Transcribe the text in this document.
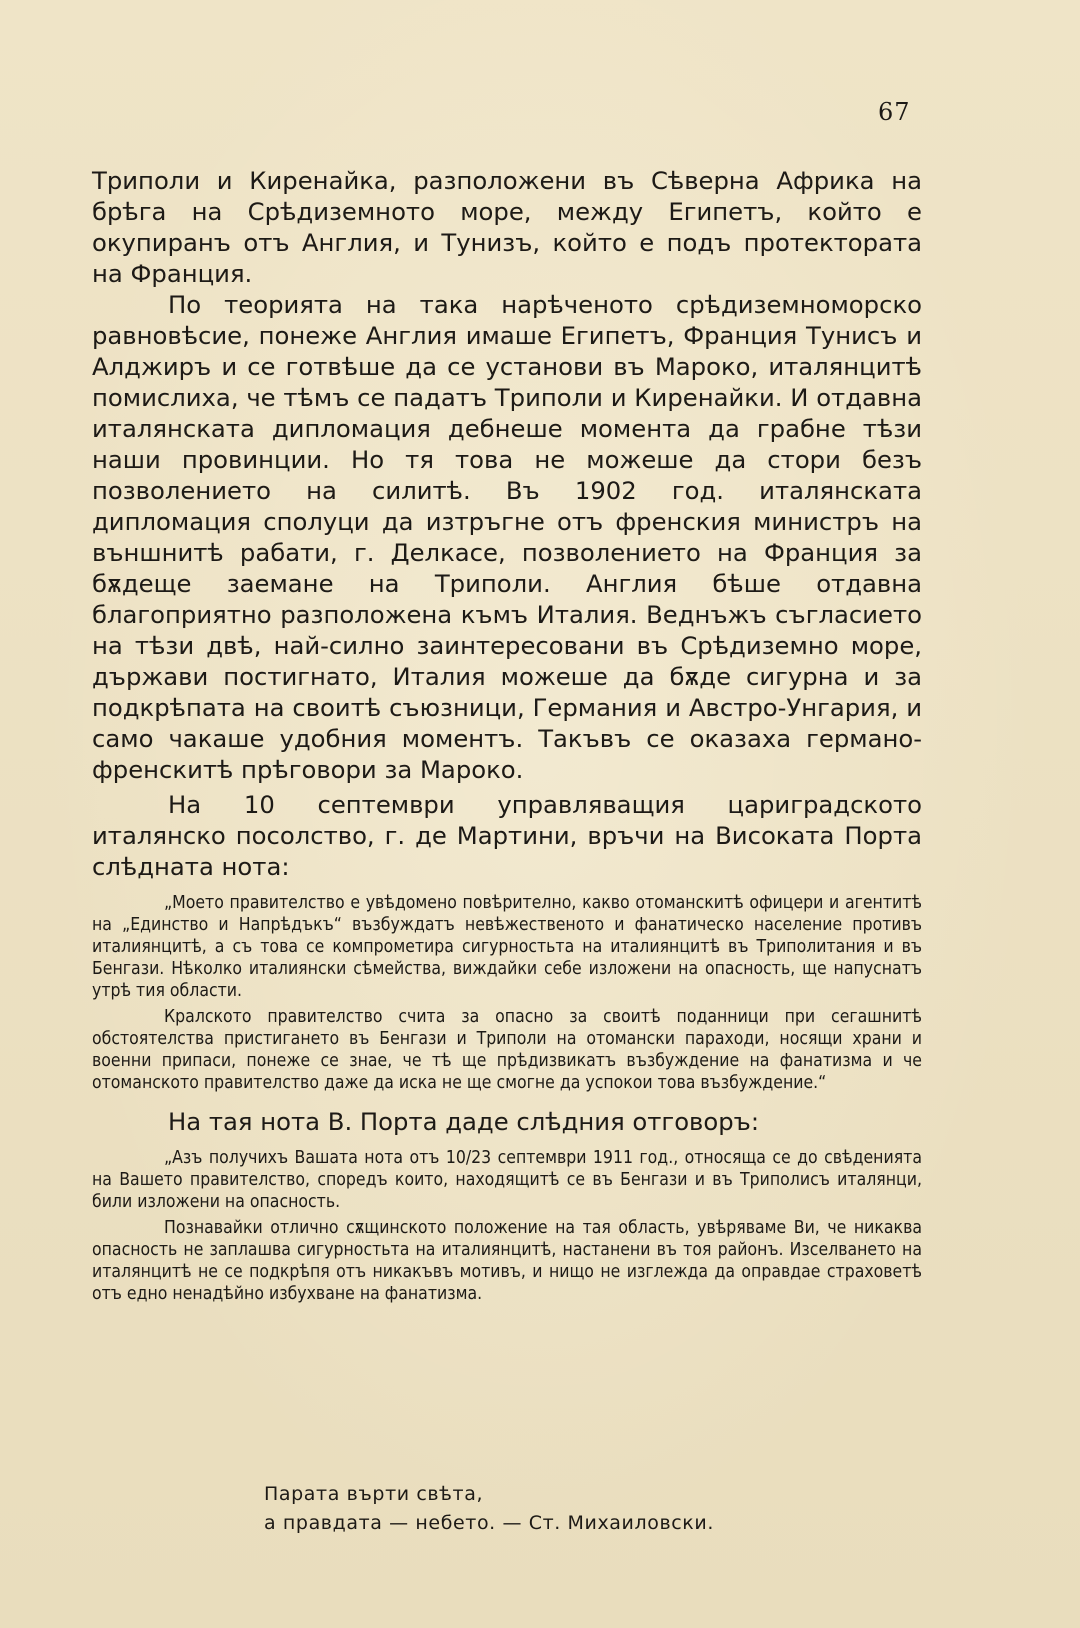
67

Триполи и Киренайка, разположени въ Сѣверна Африка на брѣга на Срѣдиземното море, между Египетъ, който е окупиранъ отъ Англия, и Тунизъ, който е подъ протектората на Франция.

По теорията на така нарѣченото срѣдиземноморско равновѣсие, понеже Англия имаше Египетъ, Франция Тунисъ и Алджиръ и се готвѣше да се установи въ Мароко, италянцитѣ помислиха, че тѣмъ се падатъ Триполи и Киренайки. И отдавна италянската дипломация дебнеше момента да грабне тѣзи наши провинции. Но тя това не можеше да стори безъ позволението на силитѣ. Въ 1902 год. италянската дипломация сполуци да изтръгне отъ френския министръ на външнитѣ рабати, г. Делкасе, позволението на Франция за бѫдеще заемане на Триполи. Англия бѣше отдавна благоприятно разположена къмъ Италия. Веднъжъ съгласието на тѣзи двѣ, най-силно заинтересовани въ Срѣдиземно море, държави постигнато, Италия можеше да бѫде сигурна и за подкрѣпата на своитѣ съюзници, Германия и Австро-Унгария, и само чакаше удобния моментъ. Такъвъ се оказаха германо-френскитѣ прѣговори за Мароко.

На 10 септември управляващия цариградското италянско посолство, г. де Мартини, връчи на Високата Порта слѣдната нота:

„Моето правителство е увѣдомено повѣрително, какво отоманскитѣ офицери и агентитѣ на „Единство и Напрѣдъкъ“ възбуждатъ невѣжественото и фанатическо население противъ италиянцитѣ, а съ това се компрометира сигурностьта на италиянцитѣ въ Триполитания и въ Бенгази. Нѣколко италиянски сѣмейства, виждайки себе изложени на опасность, ще напуснатъ утрѣ тия области.

Кралското правителство счита за опасно за своитѣ поданници при сегашнитѣ обстоятелства пристигането въ Бенгази и Триполи на отомански параходи, носящи храни и военни припаси, понеже се знае, че тѣ ще прѣдизвикатъ възбуждение на фанатизма и че отоманското правителство даже да иска не ще смогне да успокои това възбуждение.“

На тая нота В. Порта даде слѣдния отговоръ:

„Азъ получихъ Вашата нота отъ 10/23 септември 1911 год., относяща се до свѣденията на Вашето правителство, споредъ които, находящитѣ се въ Бенгази и въ Триполисъ италянци, били изложени на опасность.

Познавайки отлично сѫщинското положение на тая область, увѣряваме Ви, че никаква опасность не заплашва сигурностьта на италиянцитѣ, настанени въ тоя районъ. Изселването на италянцитѣ не се подкрѣпя отъ никакъвъ мотивъ, и нищо не изглежда да оправдае страховетѣ отъ едно ненадѣйно избухване на фанатизма.

Парата върти свѣта,
а правдата — небето. — Ст. Михаиловски.
